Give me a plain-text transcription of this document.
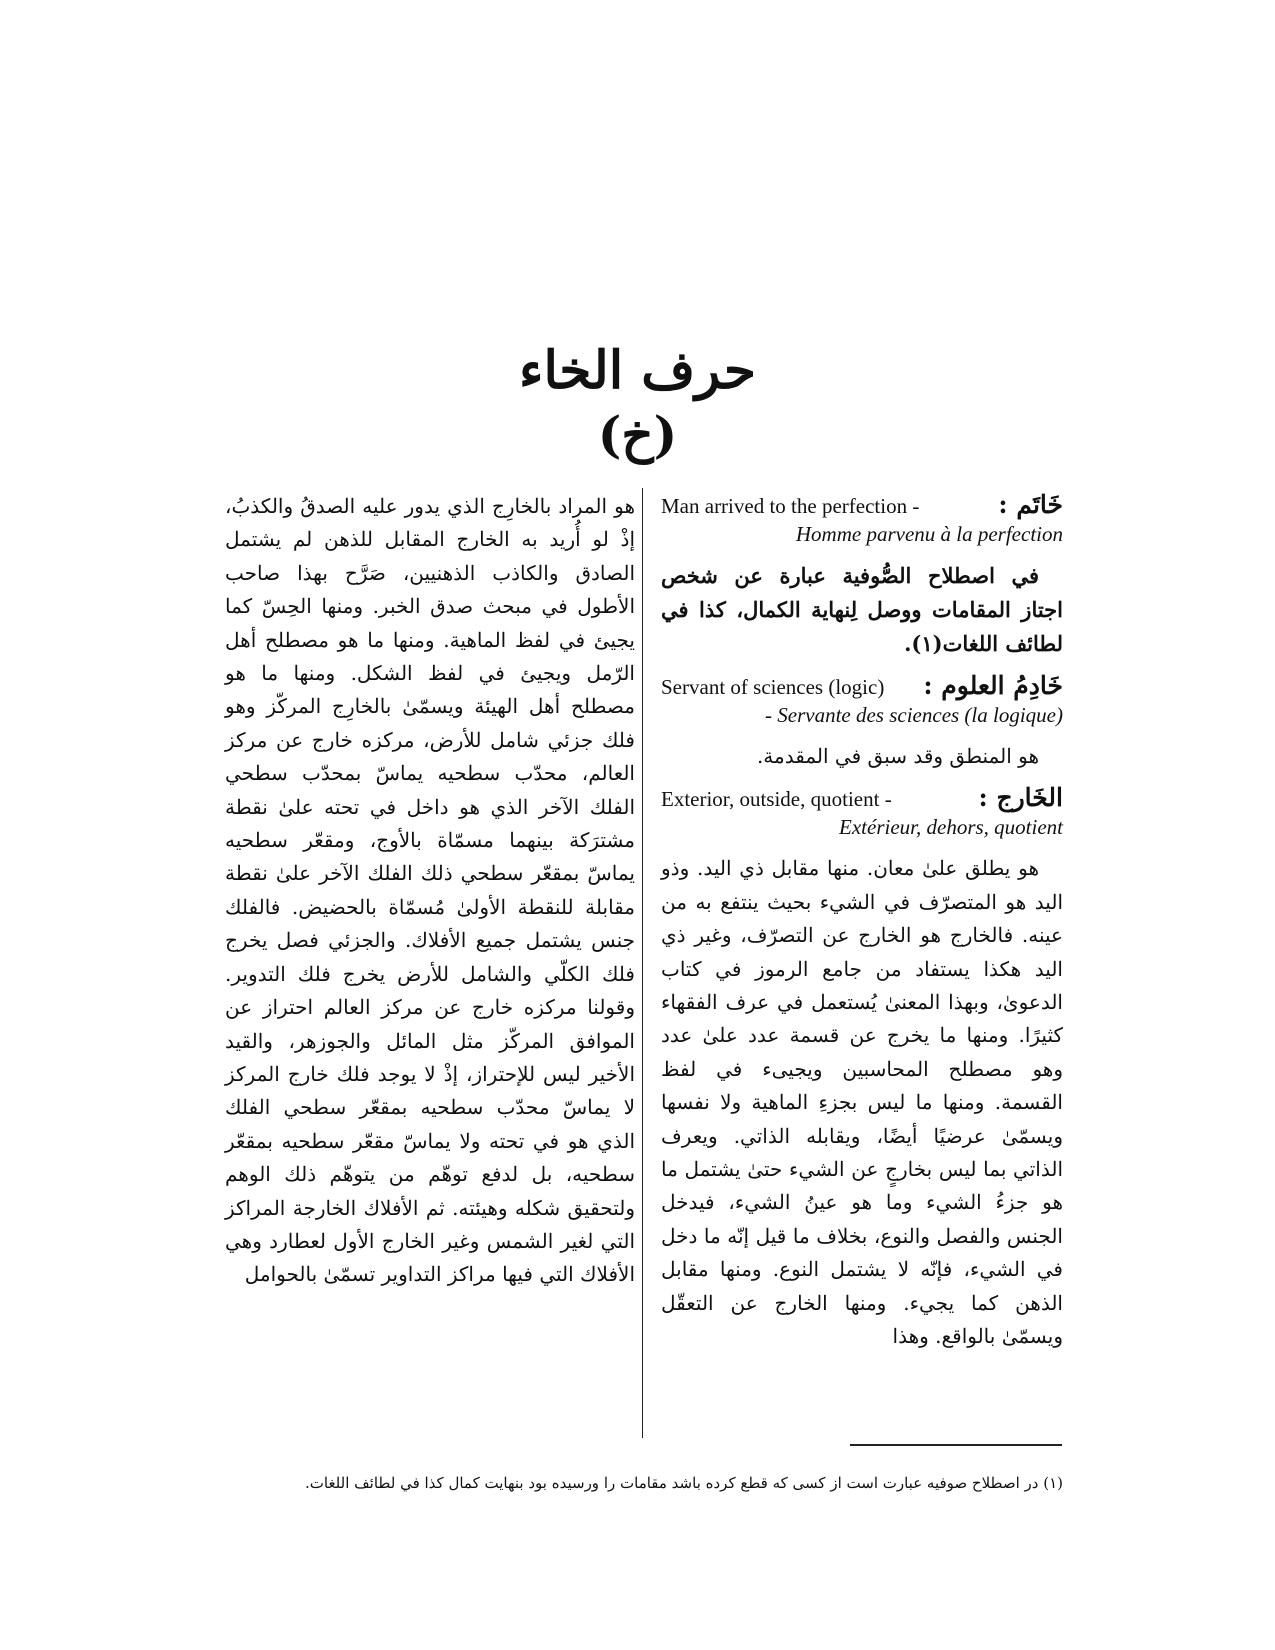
حرف الخاء

(خ)

خَاتَم :
Man arrived to the perfection -

Homme parvenu à la perfection

في اصطلاح الصُّوفية عبارة عن شخص اجتاز المقامات ووصل لِنهاية الكمال، كذا في لطائف اللغات(١).

خَادِمُ العلوم :
Servant of sciences (logic)

- Servante des sciences (la logique)

هو المنطق وقد سبق في المقدمة.

الخَارج :
Exterior, outside, quotient -

Extérieur, dehors, quotient

هو يطلق علىٰ معان. منها مقابل ذي اليد. وذو اليد هو المتصرّف في الشيء بحيث ينتفع به من عينه. فالخارج هو الخارج عن التصرّف، وغير ذي اليد هكذا يستفاد من جامع الرموز في كتاب الدعوىٰ، وبهذا المعنىٰ يُستعمل في عرف الفقهاء كثيرًا. ومنها ما يخرج عن قسمة عدد علىٰ عدد وهو مصطلح المحاسبين ويجيىء في لفظ القسمة. ومنها ما ليس بجزءِ الماهية ولا نفسها ويسمّىٰ عرضيًا أيضًا، ويقابله الذاتي. ويعرف الذاتي بما ليس بخارجٍ عن الشيء حتىٰ يشتمل ما هو جزءُ الشيء وما هو عينُ الشيء، فيدخل الجنس والفصل والنوع، بخلاف ما قيل إنّه ما دخل في الشيء، فإنّه لا يشتمل النوع. ومنها مقابل الذهن كما يجيء. ومنها الخارج عن التعقّل ويسمّىٰ بالواقع. وهذا

هو المراد بالخارِج الذي يدور عليه الصدقُ والكذبُ، إذْ لو أُريد به الخارج المقابل للذهن لم يشتمل الصادق والكاذب الذهنيين، صَرَّح بهذا صاحب الأطول في مبحث صدق الخبر. ومنها الحِسّ كما يجيئ في لفظ الماهية. ومنها ما هو مصطلح أهل الرّمل ويجيئ في لفظ الشكل. ومنها ما هو مصطلح أهل الهيئة ويسمّىٰ بالخارِج المركّز وهو فلك جزئي شامل للأرض، مركزه خارج عن مركز العالم، محدّب سطحيه يماسّ بمحدّب سطحي الفلك الآخر الذي هو داخل في تحته علىٰ نقطة مشترَكة بينهما مسمّاة بالأوج، ومقعّر سطحيه يماسّ بمقعّر سطحي ذلك الفلك الآخر علىٰ نقطة مقابلة للنقطة الأولىٰ مُسمّاة بالحضيض. فالفلك جنس يشتمل جميع الأفلاك. والجزئي فصل يخرج فلك الكلّي والشامل للأرض يخرج فلك التدوير. وقولنا مركزه خارج عن مركز العالم احتراز عن الموافق المركّز مثل المائل والجوزهر، والقيد الأخير ليس للإحتراز، إذْ لا يوجد فلك خارج المركز لا يماسّ محدّب سطحيه بمقعّر سطحي الفلك الذي هو في تحته ولا يماسّ مقعّر سطحيه بمقعّر سطحيه، بل لدفع توهّم من يتوهّم ذلك الوهم ولتحقيق شكله وهيئته. ثم الأفلاك الخارجة المراكز التي لغير الشمس وغير الخارج الأول لعطارد وهي الأفلاك التي فيها مراكز التداوير تسمّىٰ بالحوامل

(١) در اصطلاح صوفيه عبارت است از كسى كه قطع كرده باشد مقامات را ورسيده بود بنهايت كمال كذا في لطائف اللغات.
